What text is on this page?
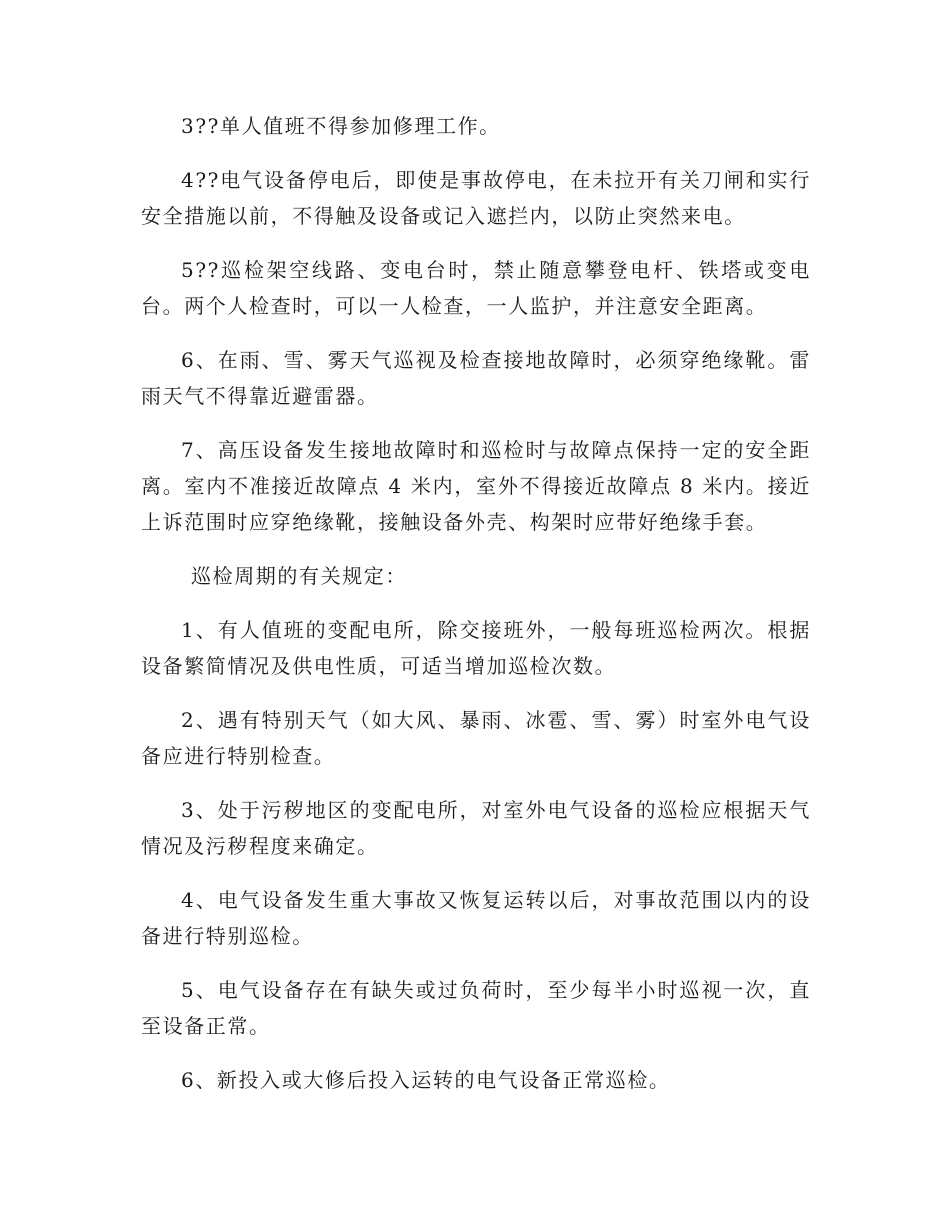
3??单人值班不得参加修理工作。

4??电气设备停电后，即使是事故停电，在未拉开有关刀闸和实行安全措施以前，不得触及设备或记入遮拦内，以防止突然来电。

5??巡检架空线路、变电台时，禁止随意攀登电杆、铁塔或变电台。两个人检查时，可以一人检查，一人监护，并注意安全距离。

6、在雨、雪、雾天气巡视及检查接地故障时，必须穿绝缘靴。雷雨天气不得靠近避雷器。

7、高压设备发生接地故障时和巡检时与故障点保持一定的安全距离。室内不准接近故障点 4 米内，室外不得接近故障点 8 米内。接近上诉范围时应穿绝缘靴，接触设备外壳、构架时应带好绝缘手套。

巡检周期的有关规定：

1、有人值班的变配电所，除交接班外，一般每班巡检两次。根据设备繁简情况及供电性质，可适当增加巡检次数。

2、遇有特别天气（如大风、暴雨、冰雹、雪、雾）时室外电气设备应进行特别检查。

3、处于污秽地区的变配电所，对室外电气设备的巡检应根据天气情况及污秽程度来确定。

4、电气设备发生重大事故又恢复运转以后，对事故范围以内的设备进行特别巡检。

5、电气设备存在有缺失或过负荷时，至少每半小时巡视一次，直至设备正常。

6、新投入或大修后投入运转的电气设备正常巡检。
